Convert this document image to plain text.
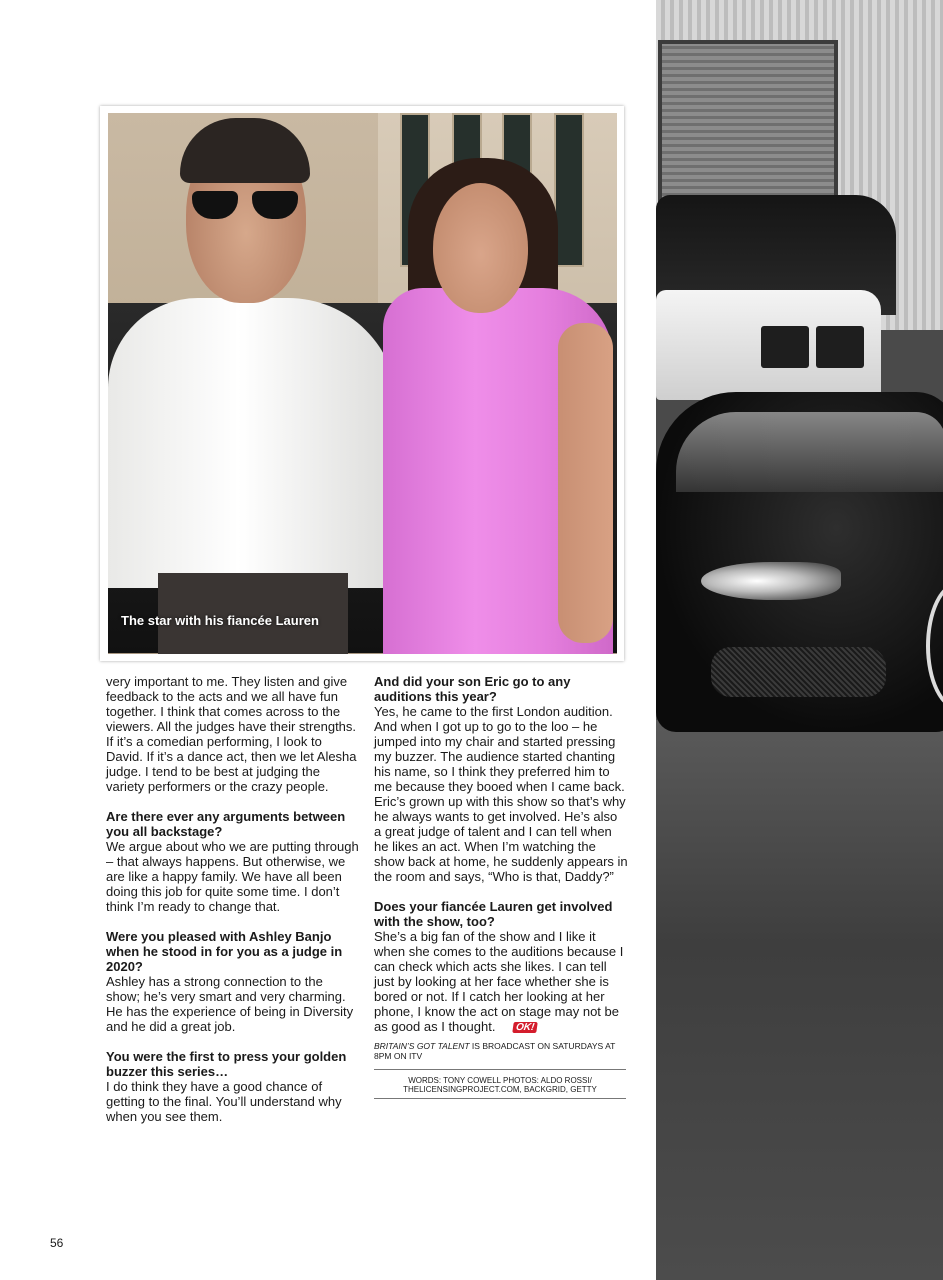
The star with his fiancée Lauren

very important to me. They listen and give feedback to the acts and we all have fun together. I think that comes across to the viewers. All the judges have their strengths. If it’s a comedian performing, I look to David. If it’s a dance act, then we let Alesha judge. I tend to be best at judging the variety performers or the crazy people.

Are there ever any arguments between you all backstage?

We argue about who we are putting through – that always happens. But otherwise, we are like a happy family. We have all been doing this job for quite some time. I don’t think I’m ready to change that.

Were you pleased with Ashley Banjo when he stood in for you as a judge in 2020?

Ashley has a strong connection to the show; he’s very smart and very charming. He has the experience of being in Diversity and he did a great job.

You were the first to press your golden buzzer this series…

I do think they have a good chance of getting to the final. You’ll understand why when you see them.

And did your son Eric go to any auditions this year?

Yes, he came to the first London audition. And when I got up to go to the loo – he jumped into my chair and started pressing my buzzer. The audience started chanting his name, so I think they preferred him to me because they booed when I came back. Eric’s grown up with this show so that’s why he always wants to get involved. He’s also a great judge of talent and I can tell when he likes an act. When I’m watching the show back at home, he suddenly appears in the room and says, “Who is that, Daddy?”

Does your fiancée Lauren get involved with the show, too?

She’s a big fan of the show and I like it when she comes to the auditions because I can check which acts she likes. I can tell just by looking at her face whether she is bored or not. If I catch her looking at her phone, I know the act on stage may not be as good as I thought. OK!

BRITAIN’S GOT TALENT IS BROADCAST ON SATURDAYS AT 8PM ON ITV
WORDS: TONY COWELL PHOTOS: ALDO ROSSI/ THELICENSINGPROJECT.COM, BACKGRID, GETTY
56
